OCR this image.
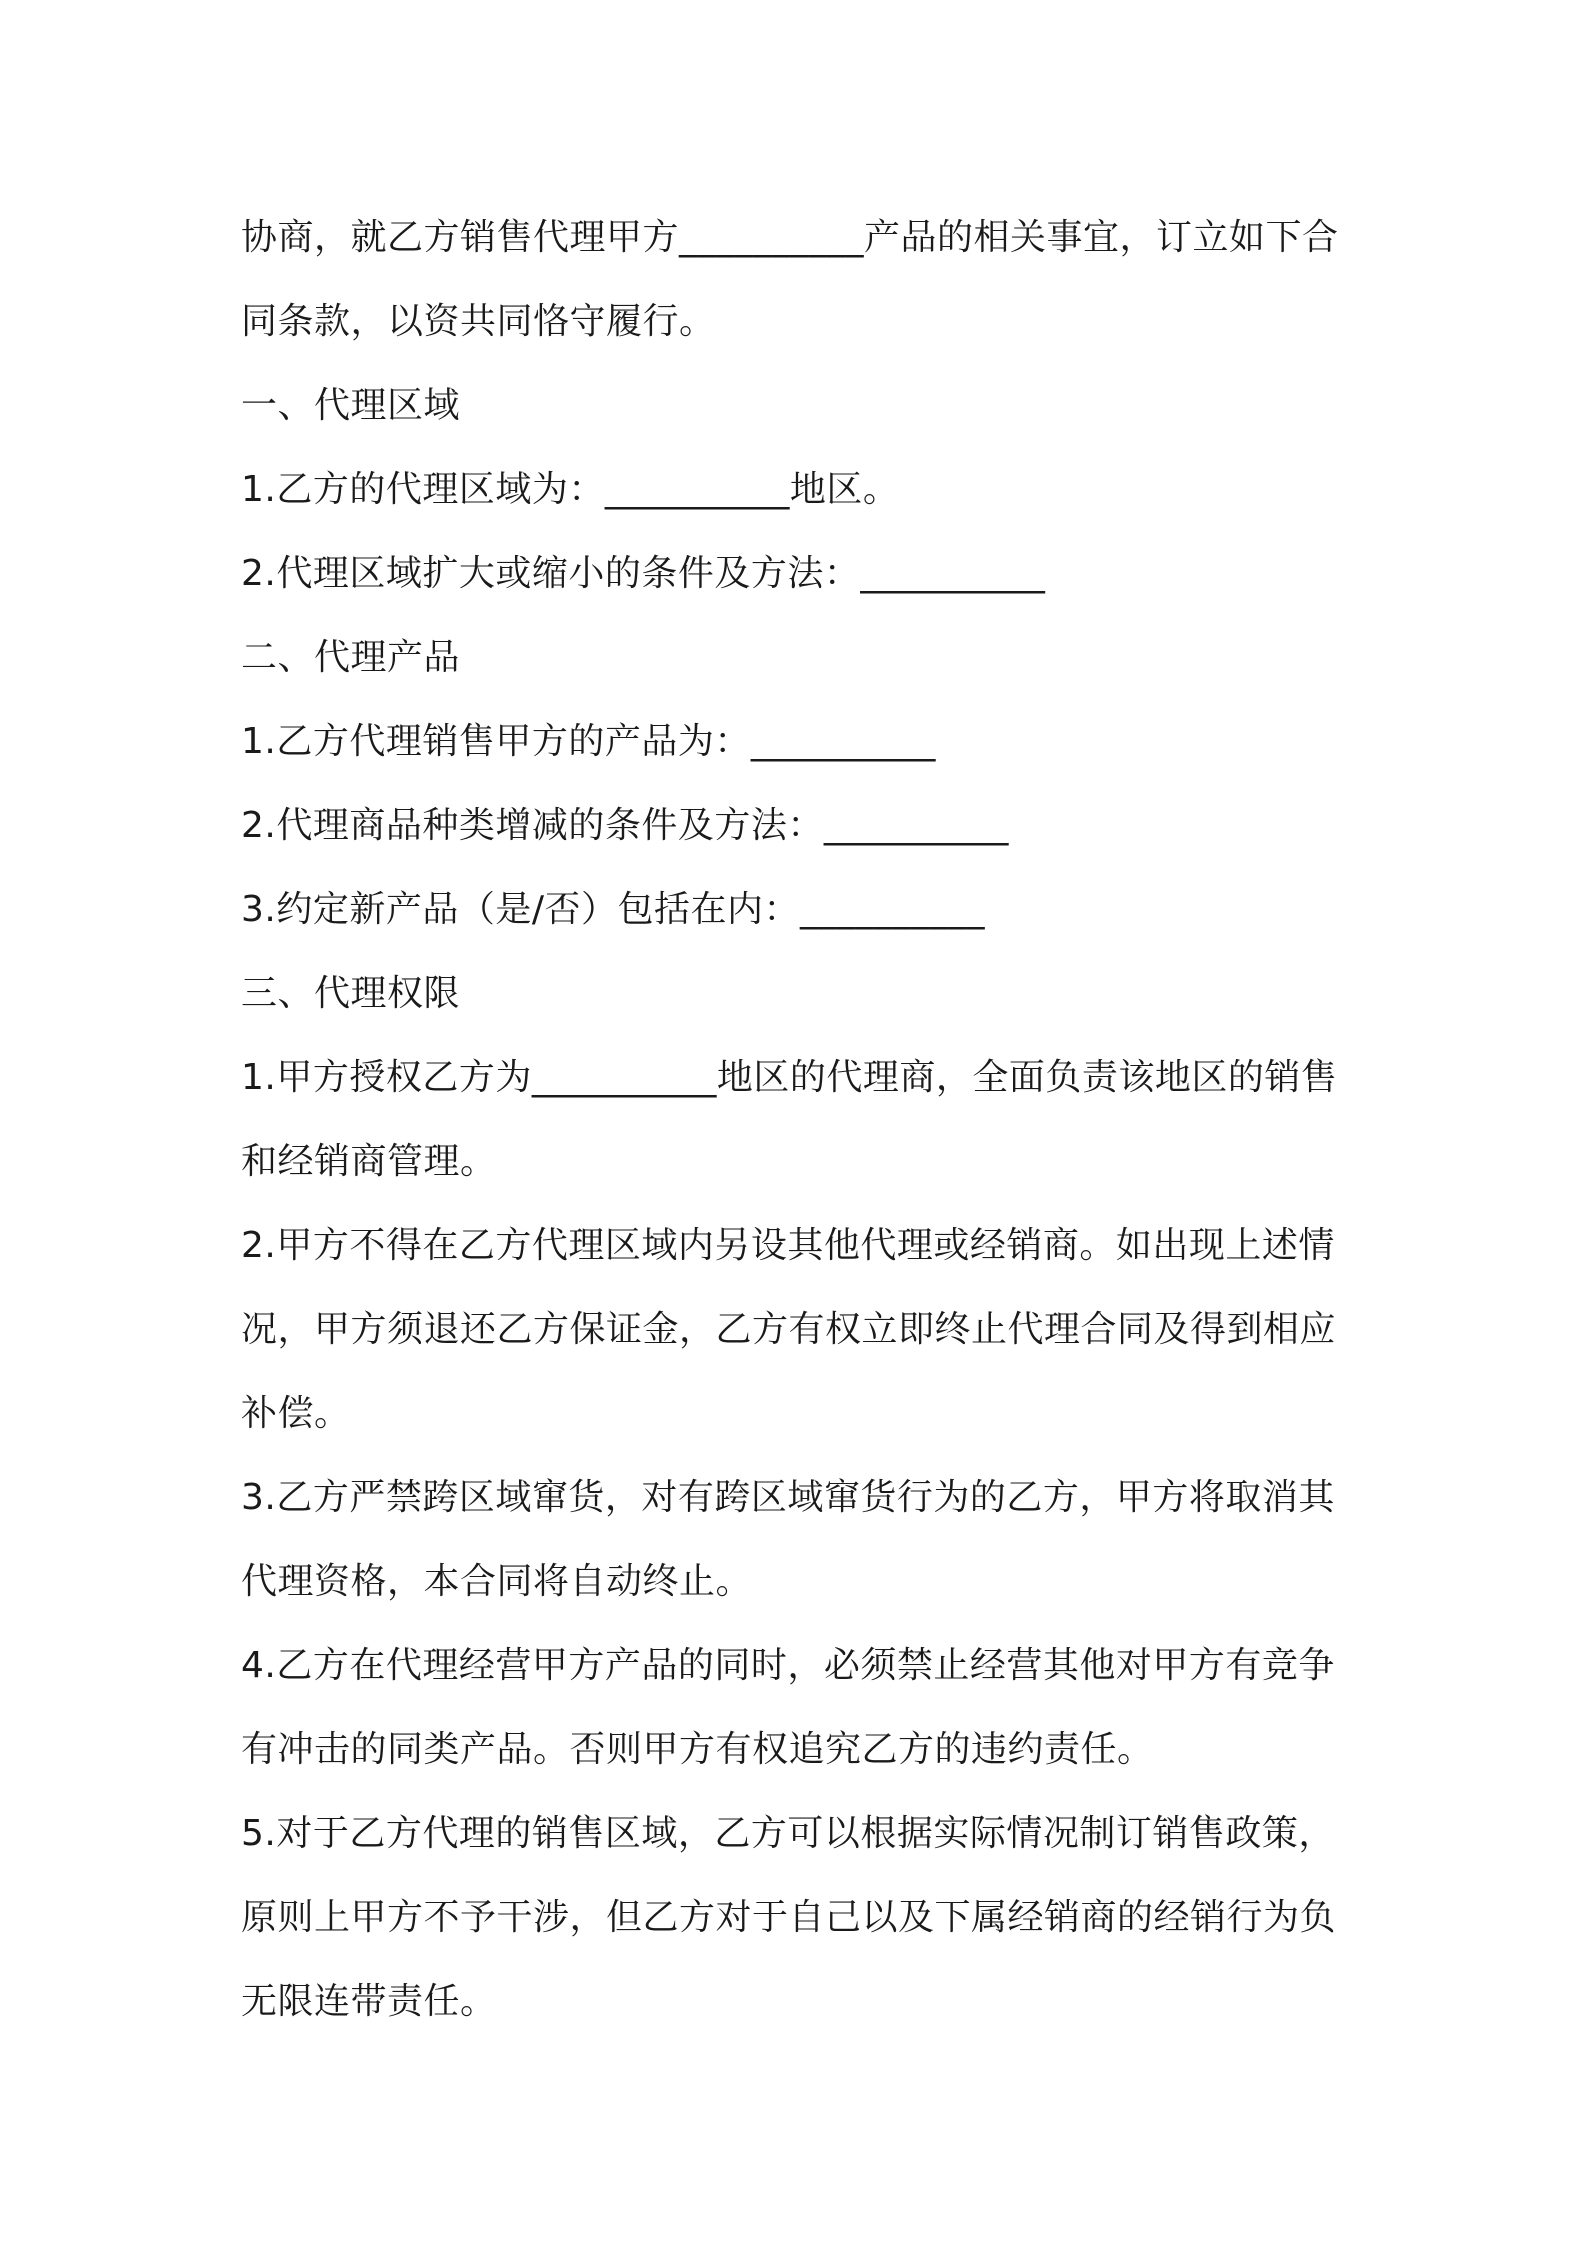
协商，就乙方销售代理甲方__________产品的相关事宜，订立如下合同条款，以资共同恪守履行。

一、代理区域

1.乙方的代理区域为：__________地区。

2.代理区域扩大或缩小的条件及方法：__________

二、代理产品

1.乙方代理销售甲方的产品为：__________

2.代理商品种类增减的条件及方法：__________

3.约定新产品（是/否）包括在内：__________

三、代理权限

1.甲方授权乙方为__________地区的代理商，全面负责该地区的销售和经销商管理。

2.甲方不得在乙方代理区域内另设其他代理或经销商。如出现上述情况，甲方须退还乙方保证金，乙方有权立即终止代理合同及得到相应补偿。

3.乙方严禁跨区域窜货，对有跨区域窜货行为的乙方，甲方将取消其代理资格，本合同将自动终止。

4.乙方在代理经营甲方产品的同时，必须禁止经营其他对甲方有竞争有冲击的同类产品。否则甲方有权追究乙方的违约责任。

5.对于乙方代理的销售区域，乙方可以根据实际情况制订销售政策，原则上甲方不予干涉，但乙方对于自己以及下属经销商的经销行为负无限连带责任。
